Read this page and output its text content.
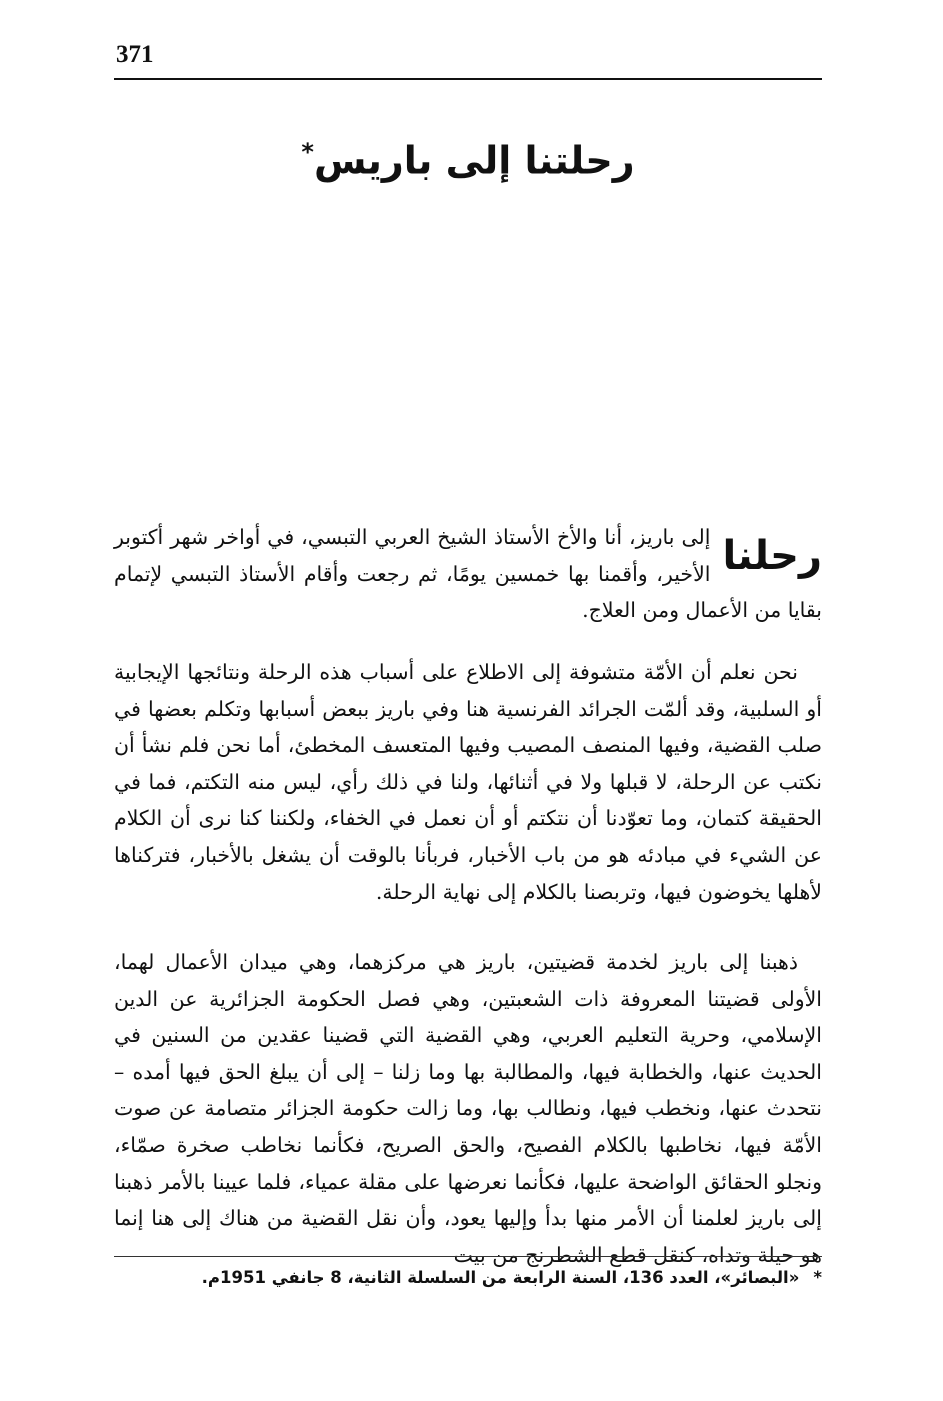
371
رحلتنا إلى باريس*
رحلنا
إلى باريز، أنا والأخ الأستاذ الشيخ العربي التبسي، في أواخر شهر أكتوبر الأخير، وأقمنا بها خمسين يومًا، ثم رجعت وأقام الأستاذ التبسي لإتمام بقايا من الأعمال ومن العلاج.
نحن نعلم أن الأمّة متشوفة إلى الاطلاع على أسباب هذه الرحلة ونتائجها الإيجابية أو السلبية، وقد ألمّت الجرائد الفرنسية هنا وفي باريز ببعض أسبابها وتكلم بعضها في صلب القضية، وفيها المنصف المصيب وفيها المتعسف المخطئ، أما نحن فلم نشأ أن نكتب عن الرحلة، لا قبلها ولا في أثنائها، ولنا في ذلك رأي، ليس منه التكتم، فما في الحقيقة كتمان، وما تعوّدنا أن نتكتم أو أن نعمل في الخفاء، ولكننا كنا نرى أن الكلام عن الشيء في مبادئه هو من باب الأخبار، فربأنا بالوقت أن يشغل بالأخبار، فتركناها لأهلها يخوضون فيها، وتربصنا بالكلام إلى نهاية الرحلة.
ذهبنا إلى باريز لخدمة قضيتين، باريز هي مركزهما، وهي ميدان الأعمال لهما، الأولى قضيتنا المعروفة ذات الشعبتين، وهي فصل الحكومة الجزائرية عن الدين الإسلامي، وحرية التعليم العربي، وهي القضية التي قضينا عقدين من السنين في الحديث عنها، والخطابة فيها، والمطالبة بها وما زلنا – إلى أن يبلغ الحق فيها أمده – نتحدث عنها، ونخطب فيها، ونطالب بها، وما زالت حكومة الجزائر متصامة عن صوت الأمّة فيها، نخاطبها بالكلام الفصيح، والحق الصريح، فكأنما نخاطب صخرة صمّاء، ونجلو الحقائق الواضحة عليها، فكأنما نعرضها على مقلة عمياء، فلما عيينا بالأمر ذهبنا إلى باريز لعلمنا أن الأمر منها بدأ وإليها يعود، وأن نقل القضية من هناك إلى هنا إنما هو حيلة وتداه، كنقل قطع الشطرنج من بيت
*«البصائر»، العدد 136، السنة الرابعة من السلسلة الثانية، 8 جانفي 1951م.
